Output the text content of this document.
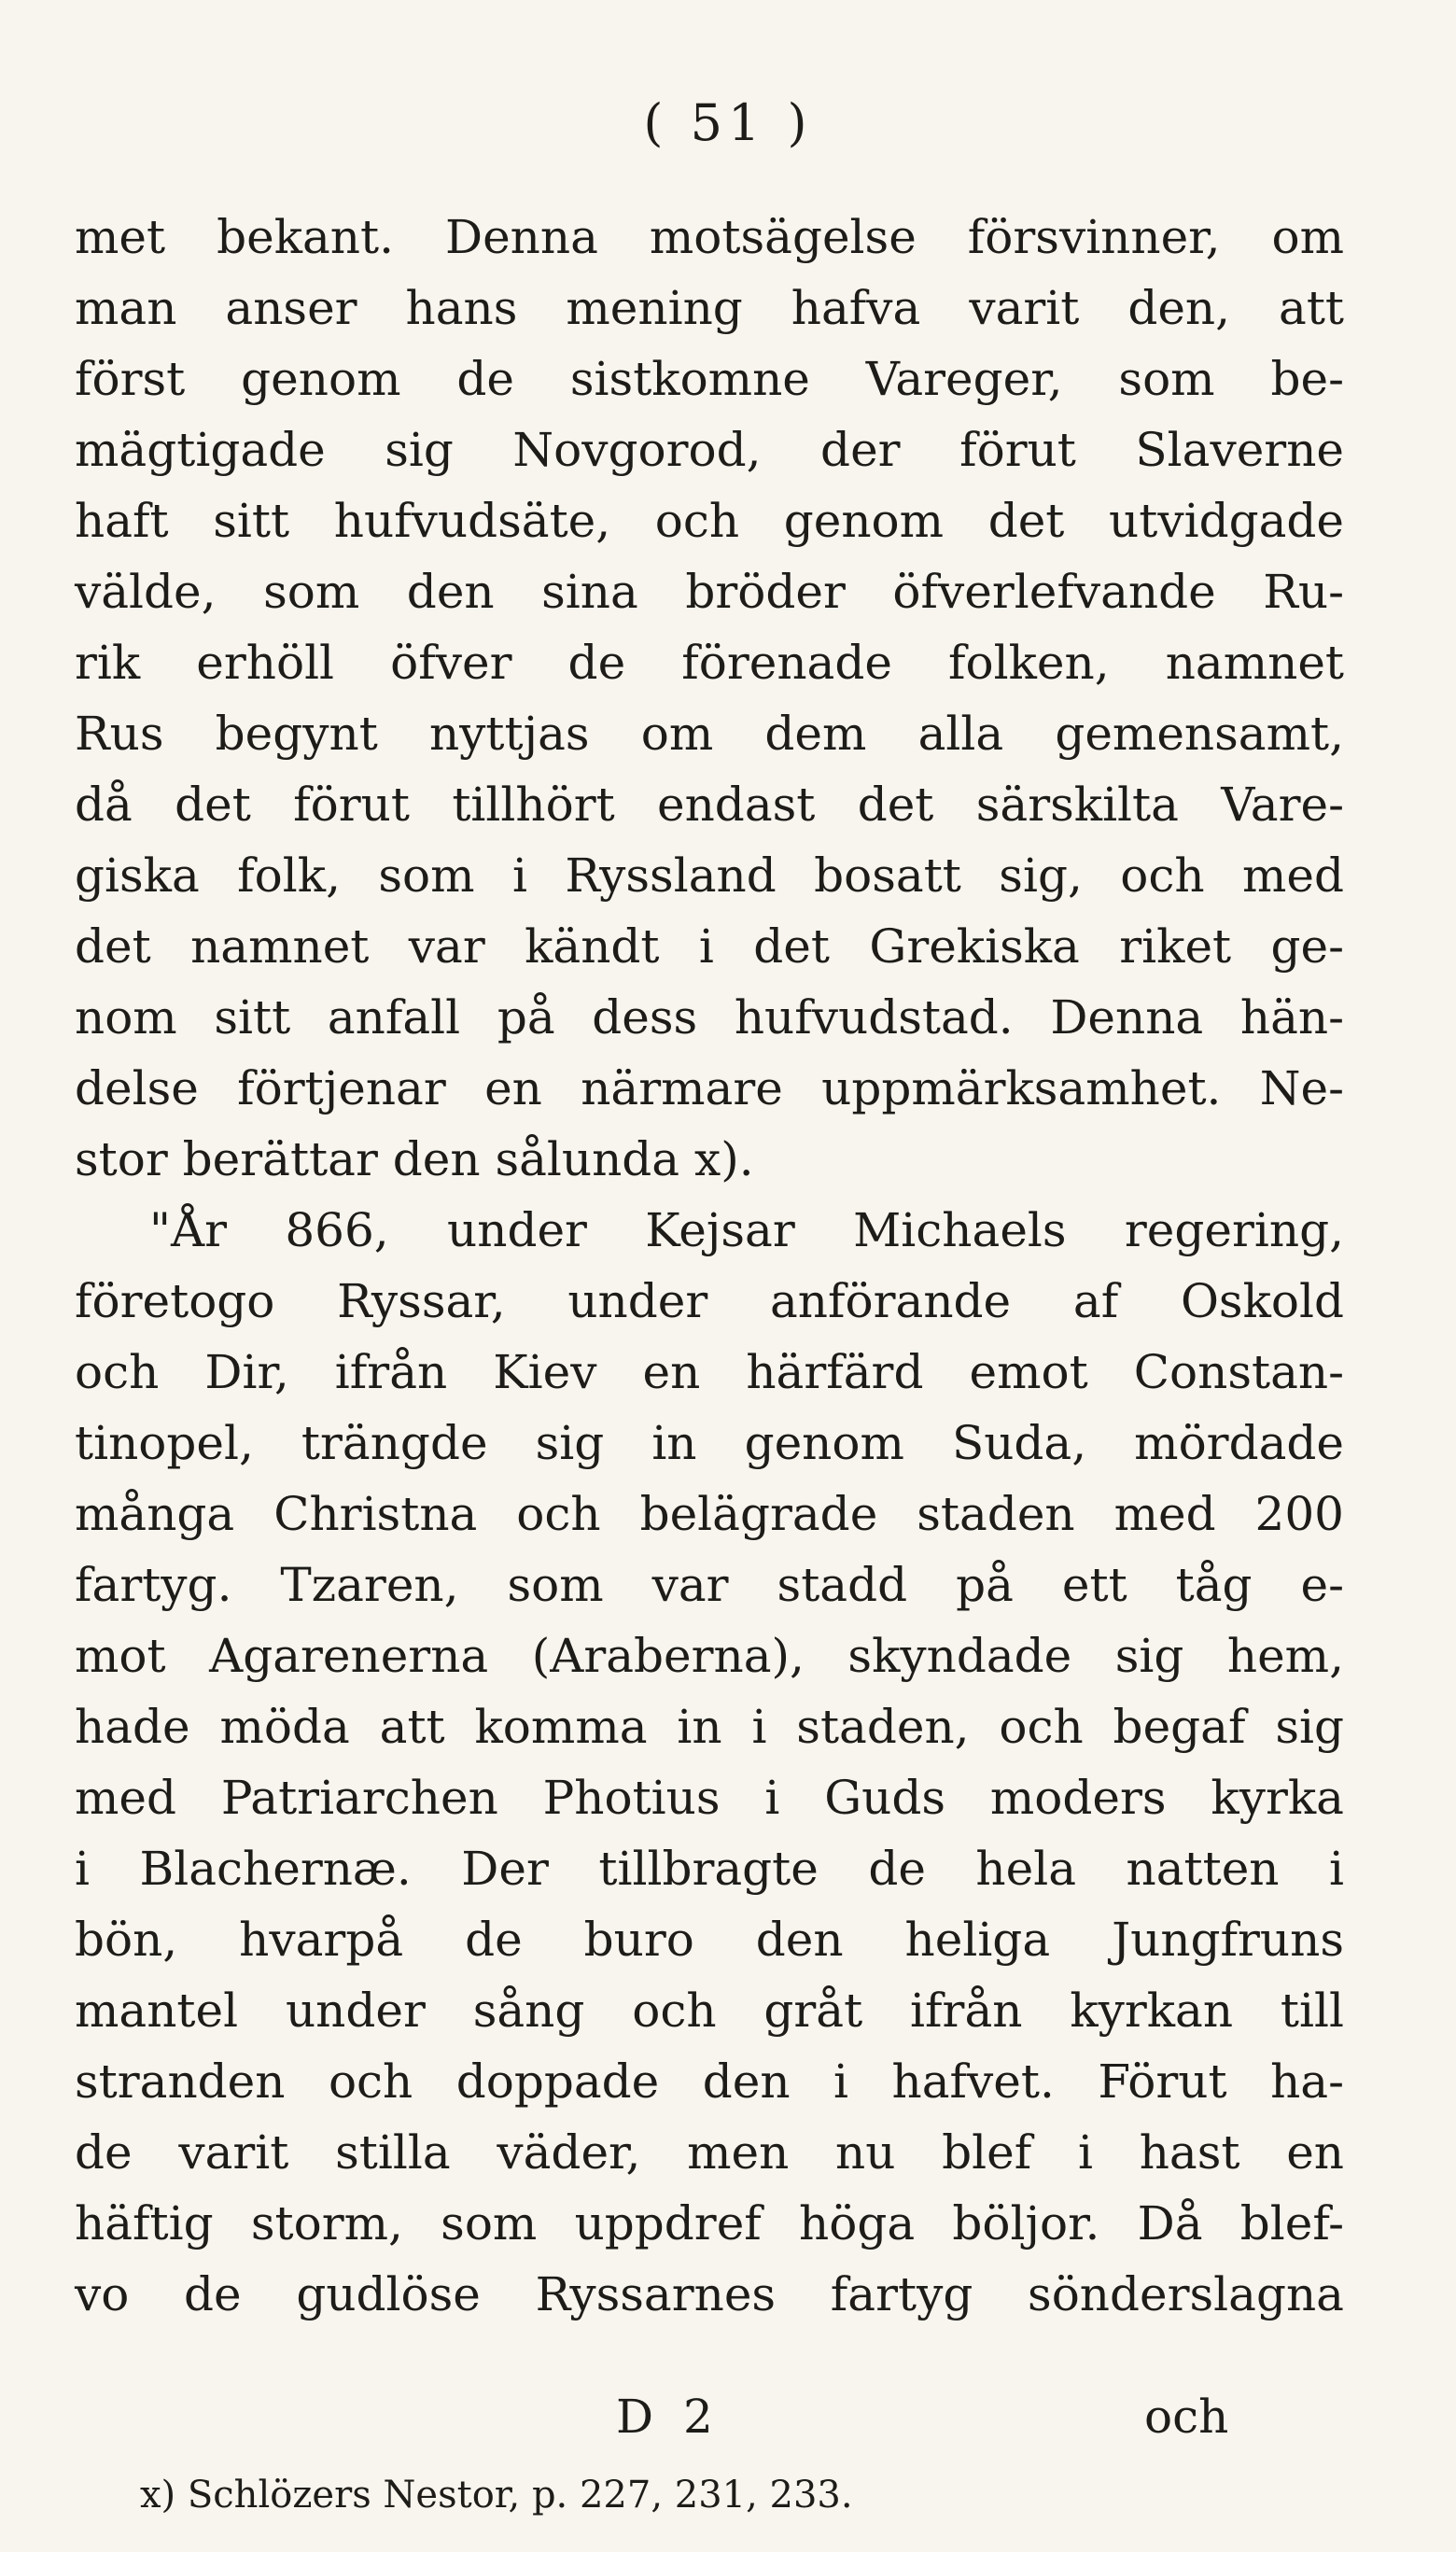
( 51 )
met bekant. Denna motsägelse försvinner, om
man anser hans mening hafva varit den, att
först genom de sistkomne Vareger, som be-
mägtigade sig Novgorod, der förut Slaverne
haft sitt hufvudsäte, och genom det utvidgade
välde, som den sina bröder öfverlefvande Ru-
rik erhöll öfver de förenade folken, namnet
Rus begynt nyttjas om dem alla gemensamt,
då det förut tillhört endast det särskilta Vare-
giska folk, som i Ryssland bosatt sig, och med
det namnet var kändt i det Grekiska riket ge-
nom sitt anfall på dess hufvudstad. Denna hän-
delse förtjenar en närmare uppmärksamhet. Ne-
stor berättar den sålunda x).
"År 866, under Kejsar Michaels regering,
företogo Ryssar, under anförande af Oskold
och Dir, ifrån Kiev en härfärd emot Constan-
tinopel, trängde sig in genom Suda, mördade
många Christna och belägrade staden med 200
fartyg. Tzaren, som var stadd på ett tåg e-
mot Agarenerna (Araberna), skyndade sig hem,
hade möda att komma in i staden, och begaf sig
med Patriarchen Photius i Guds moders kyrka
i Blachernæ. Der tillbragte de hela natten i
bön, hvarpå de buro den heliga Jungfruns
mantel under sång och gråt ifrån kyrkan till
stranden och doppade den i hafvet. Förut ha-
de varit stilla väder, men nu blef i hast en
häftig storm, som uppdref höga böljor. Då blef-
vo de gudlöse Ryssarnes fartyg sönderslagna
D 2	och
x) Schlözers Nestor, p. 227, 231, 233.
